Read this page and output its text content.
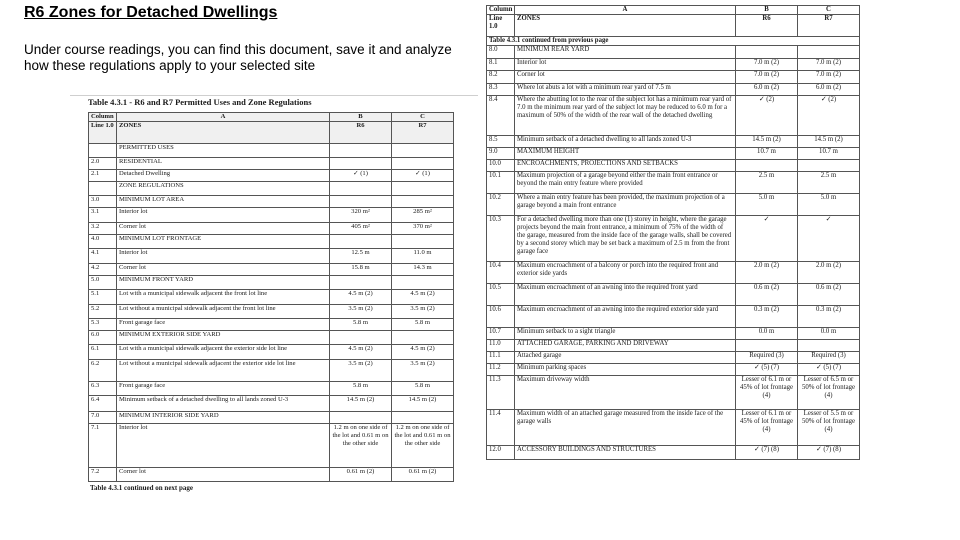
R6 Zones for Detached Dwellings
Under course readings, you can find this document, save it and analyze how these regulations apply to your selected site
Table 4.3.1 - R6 and R7 Permitted Uses and Zone Regulations
Column	A	B	C
Line 1.0	ZONES	R6	R7
	PERMITTED USES		
2.0	RESIDENTIAL		
2.1	Detached Dwelling	✓ (1)	✓ (1)
	ZONE REGULATIONS		
3.0	MINIMUM LOT AREA		
3.1	Interior lot	320 m²	285 m²
3.2	Corner lot	405 m²	370 m²
4.0	MINIMUM LOT FRONTAGE		
4.1	Interior lot	12.5 m	11.0 m
4.2	Corner lot	15.8 m	14.3 m
5.0	MINIMUM FRONT YARD		
5.1	Lot with a municipal sidewalk adjacent the front lot line	4.5 m (2)	4.5 m (2)
5.2	Lot without a municipal sidewalk adjacent the front lot line	3.5 m (2)	3.5 m (2)
5.3	Front garage face	5.8 m	5.8 m
6.0	MINIMUM EXTERIOR SIDE YARD		
6.1	Lot with a municipal sidewalk adjacent the exterior side lot line	4.5 m (2)	4.5 m (2)
6.2	Lot without a municipal sidewalk adjacent the exterior side lot line	3.5 m (2)	3.5 m (2)
6.3	Front garage face	5.8 m	5.8 m
6.4	Minimum setback of a detached dwelling to all lands zoned U-3	14.5 m (2)	14.5 m (2)
7.0	MINIMUM INTERIOR SIDE YARD		
7.1	Interior lot	1.2 m on one side of the lot and 0.61 m on the other side	1.2 m on one side of the lot and 0.61 m on the other side
7.2	Corner lot	0.61 m (2)	0.61 m (2)
Table 4.3.1 continued on next page
Column	A	B	C
Line 1.0	ZONES	R6	R7
Table 4.3.1 continued from previous page			
8.0	MINIMUM REAR YARD		
8.1	Interior lot	7.0 m (2)	7.0 m (2)
8.2	Corner lot	7.0 m (2)	7.0 m (2)
8.3	Where lot abuts a lot with a minimum rear yard of 7.5 m	6.0 m (2)	6.0 m (2)
8.4	Where the abutting lot to the rear of the subject lot has a minimum rear yard of 7.0 m the minimum rear yard of the subject lot may be reduced to 6.0 m for a maximum of 50% of the width of the rear wall of the detached dwelling	✓ (2)	✓ (2)
8.5	Minimum setback of a detached dwelling to all lands zoned U-3	14.5 m (2)	14.5 m (2)
9.0	MAXIMUM HEIGHT	10.7 m	10.7 m
10.0	ENCROACHMENTS, PROJECTIONS AND SETBACKS		
10.1	Maximum projection of a garage beyond either the main front entrance or beyond the main entry feature where provided	2.5 m	2.5 m
10.2	Where a main entry feature has been provided, the maximum projection of a garage beyond a main front entrance	5.0 m	5.0 m
10.3	For a detached dwelling more than one (1) storey in height, where the garage projects beyond the main front entrance, a minimum of 75% of the width of the garage, measured from the inside face of the garage walls, shall be covered by a second storey which may be set back a maximum of 2.5 m from the front garage face	✓	✓
10.4	Maximum encroachment of a balcony or porch into the required front and exterior side yards	2.0 m (2)	2.0 m (2)
10.5	Maximum encroachment of an awning into the required front yard	0.6 m (2)	0.6 m (2)
10.6	Maximum encroachment of an awning into the required exterior side yard	0.3 m (2)	0.3 m (2)
10.7	Minimum setback to a sight triangle	0.0 m	0.0 m
11.0	ATTACHED GARAGE, PARKING AND DRIVEWAY		
11.1	Attached garage	Required (3)	Required (3)
11.2	Minimum parking spaces	✓ (5) (7)	✓ (5) (7)
11.3	Maximum driveway width	Lesser of 6.1 m or 45% of lot frontage (4)	Lesser of 6.5 m or 50% of lot frontage (4)
11.4	Maximum width of an attached garage measured from the inside face of the garage walls	Lesser of 6.1 m or 45% of lot frontage (4)	Lesser of 5.5 m or 50% of lot frontage (4)
12.0	ACCESSORY BUILDINGS AND STRUCTURES	✓ (7) (8)	✓ (7) (8)
